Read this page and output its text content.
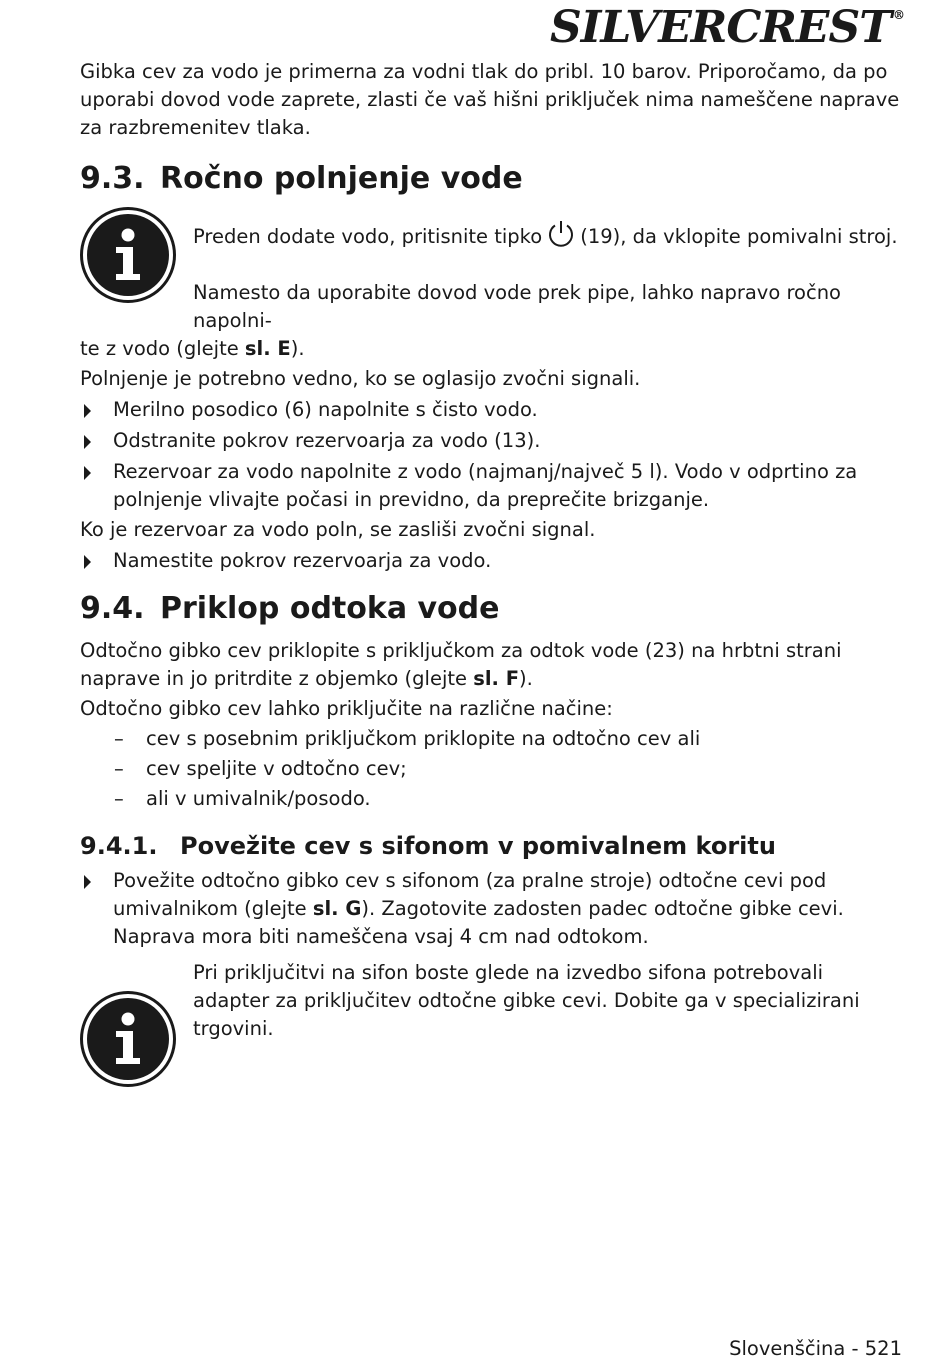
SILVERCREST ®

Gibka cev za vodo je primerna za vodni tlak do pribl. 10 barov. Priporočamo, da po uporabi dovod vode zaprete, zlasti če vaš hišni priključek nima nameščene naprave za razbremenitev tlaka.

9.3. Ročno polnjenje vode

Preden dodate vodo, pritisnite tipko (19), da vklopite pomivalni stroj.

Namesto da uporabite dovod vode prek pipe, lahko napravo ročno napolni-

te z vodo (glejte sl. E).

Polnjenje je potrebno vedno, ko se oglasijo zvočni signali.

Merilno posodico (6) napolnite s čisto vodo.
Odstranite pokrov rezervoarja za vodo (13).
Rezervoar za vodo napolnite z vodo (najmanj/največ 5 l). Vodo v odprtino za polnjenje vlivajte počasi in previdno, da preprečite brizganje.

Ko je rezervoar za vodo poln, se zasliši zvočni signal.

Namestite pokrov rezervoarja za vodo.
9.4. Priklop odtoka vode

Odtočno gibko cev priklopite s priključkom za odtok vode (23) na hrbtni strani naprave in jo pritrdite z objemko (glejte sl. F).

Odtočno gibko cev lahko priključite na različne načine:

– cev s posebnim priključkom priklopite na odtočno cev ali
– cev speljite v odtočno cev;
– ali v umivalnik/posodo.
9.4.1. Povežite cev s sifonom v pomivalnem koritu
Povežite odtočno gibko cev s sifonom (za pralne stroje) odtočne cevi pod umivalnikom (glejte sl. G). Zagotovite zadosten padec odtočne gibke cevi. Naprava mora biti nameščena vsaj 4 cm nad odtokom.

Pri priključitvi na sifon boste glede na izvedbo sifona potrebovali adapter za priključitev odtočne gibke cevi. Dobite ga v specializirani trgovini.

Slovenščina - 521
